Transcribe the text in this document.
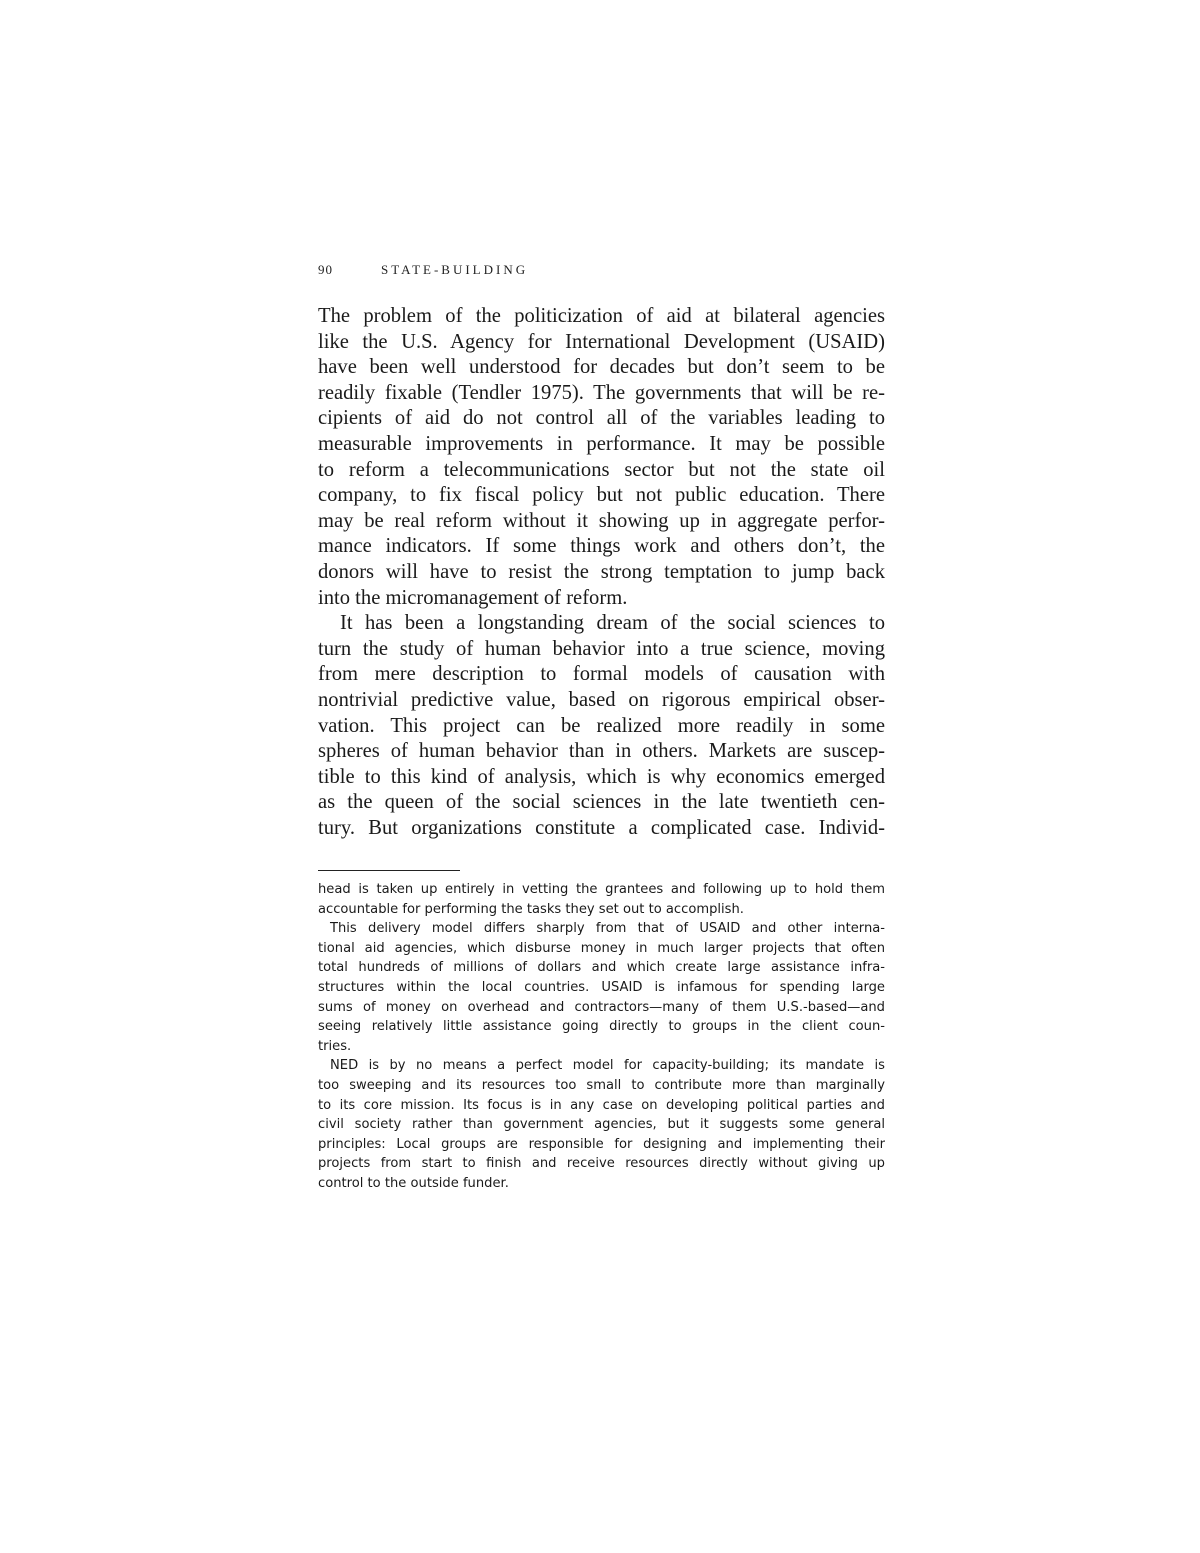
90	STATE-BUILDING
The problem of the politicization of aid at bilateral agencies
like the U.S. Agency for International Development (USAID)
have been well understood for decades but don’t seem to be
readily fixable (Tendler 1975). The governments that will be re-
cipients of aid do not control all of the variables leading to
measurable improvements in performance. It may be possible
to reform a telecommunications sector but not the state oil
company, to fix fiscal policy but not public education. There
may be real reform without it showing up in aggregate perfor-
mance indicators. If some things work and others don’t, the
donors will have to resist the strong temptation to jump back
into the micromanagement of reform.
It has been a longstanding dream of the social sciences to
turn the study of human behavior into a true science, moving
from mere description to formal models of causation with
nontrivial predictive value, based on rigorous empirical obser-
vation. This project can be realized more readily in some
spheres of human behavior than in others. Markets are suscep-
tible to this kind of analysis, which is why economics emerged
as the queen of the social sciences in the late twentieth cen-
tury. But organizations constitute a complicated case. Individ-
head is taken up entirely in vetting the grantees and following up to hold them
accountable for performing the tasks they set out to accomplish.
This delivery model differs sharply from that of USAID and other interna-
tional aid agencies, which disburse money in much larger projects that often
total hundreds of millions of dollars and which create large assistance infra-
structures within the local countries. USAID is infamous for spending large
sums of money on overhead and contractors—many of them U.S.-based—and
seeing relatively little assistance going directly to groups in the client coun-
tries.
NED is by no means a perfect model for capacity-building; its mandate is
too sweeping and its resources too small to contribute more than marginally
to its core mission. Its focus is in any case on developing political parties and
civil society rather than government agencies, but it suggests some general
principles: Local groups are responsible for designing and implementing their
projects from start to finish and receive resources directly without giving up
control to the outside funder.
